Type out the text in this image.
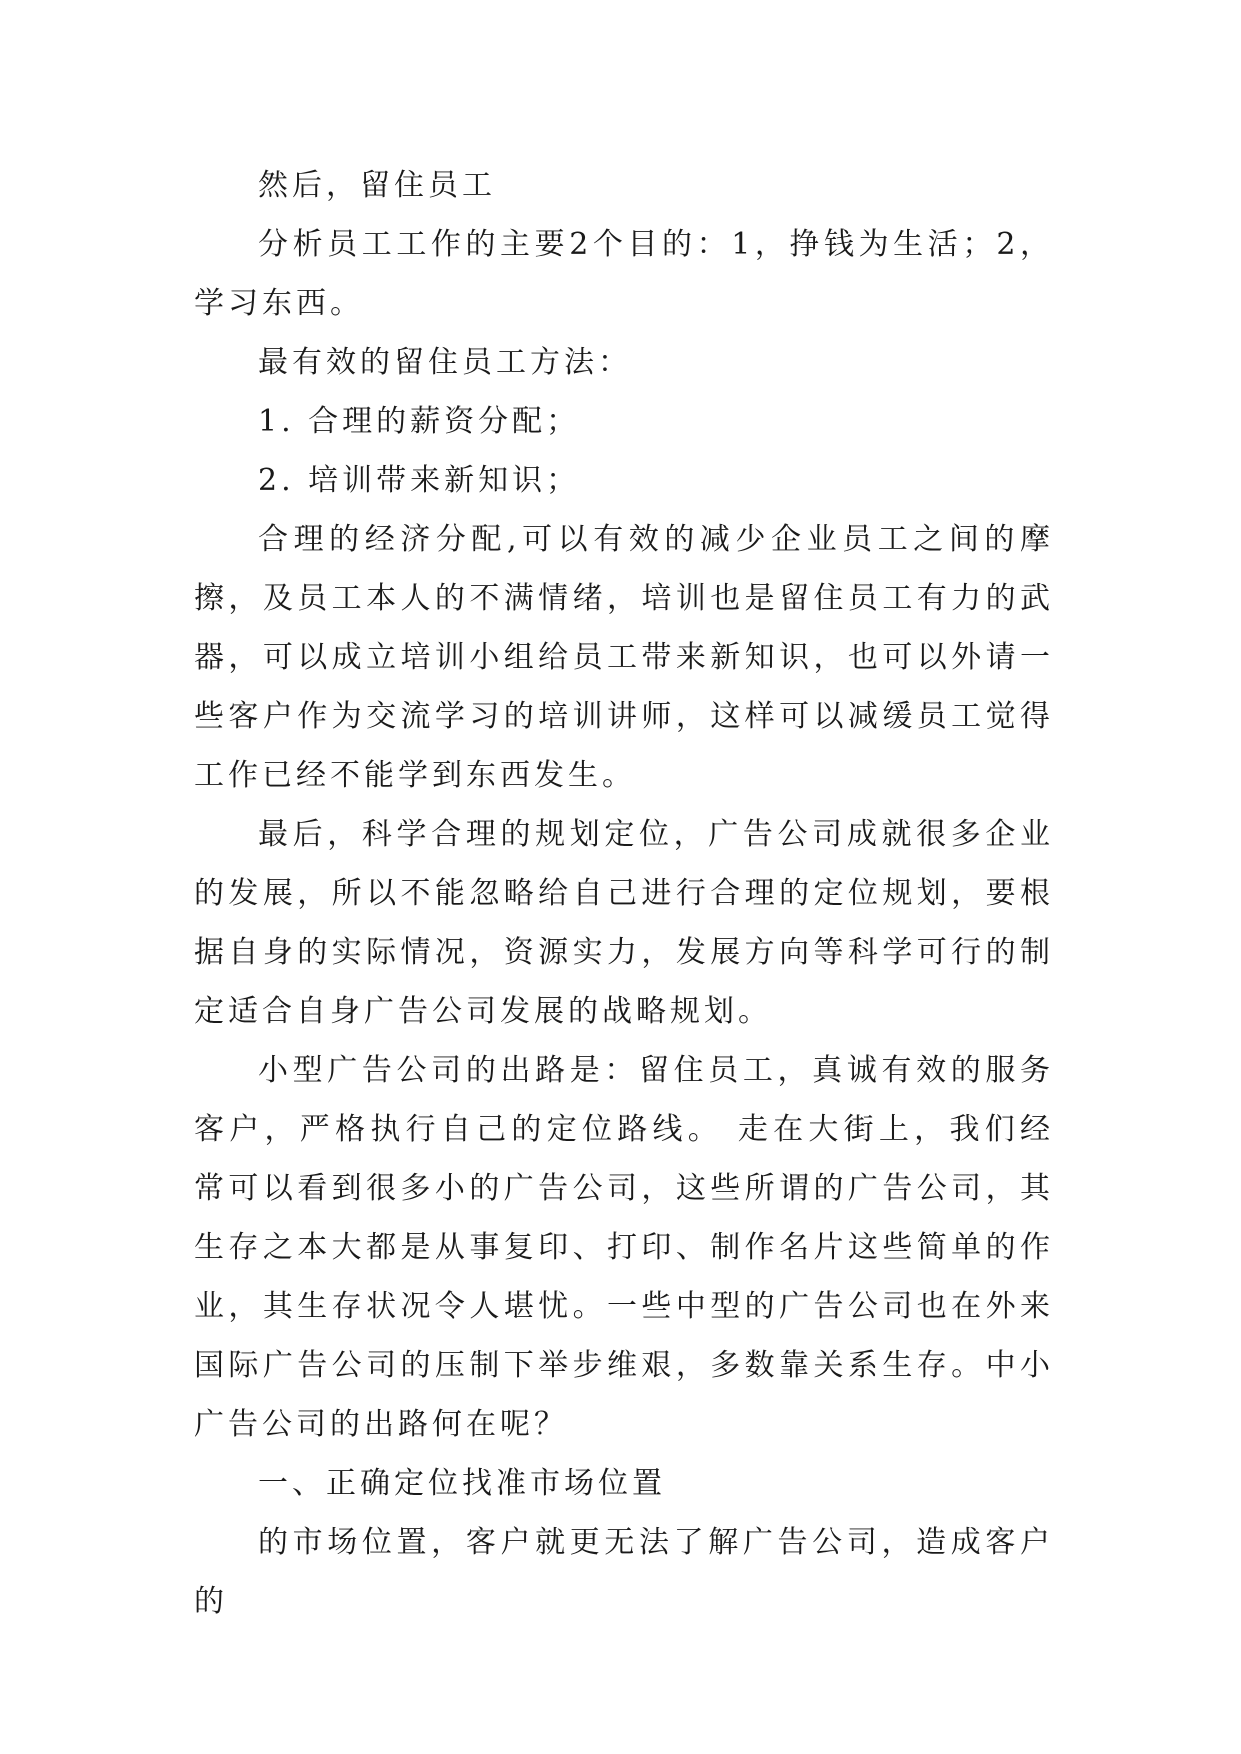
然后，留住员工

分析员工工作的主要2个目的：1，挣钱为生活；2，学习东西。

最有效的留住员工方法：

1. 合理的薪资分配；

2. 培训带来新知识；

合理的经济分配,可以有效的减少企业员工之间的摩擦，及员工本人的不满情绪，培训也是留住员工有力的武器，可以成立培训小组给员工带来新知识，也可以外请一些客户作为交流学习的培训讲师，这样可以减缓员工觉得工作已经不能学到东西发生。

最后，科学合理的规划定位，广告公司成就很多企业的发展，所以不能忽略给自己进行合理的定位规划，要根据自身的实际情况，资源实力，发展方向等科学可行的制定适合自身广告公司发展的战略规划。

小型广告公司的出路是：留住员工，真诚有效的服务客户，严格执行自己的定位路线。 走在大街上，我们经常可以看到很多小的广告公司，这些所谓的广告公司，其生存之本大都是从事复印、打印、制作名片这些简单的作业，其生存状况令人堪忧。一些中型的广告公司也在外来国际广告公司的压制下举步维艰，多数靠关系生存。中小广告公司的出路何在呢？

一、正确定位找准市场位置

的市场位置，客户就更无法了解广告公司，造成客户的
